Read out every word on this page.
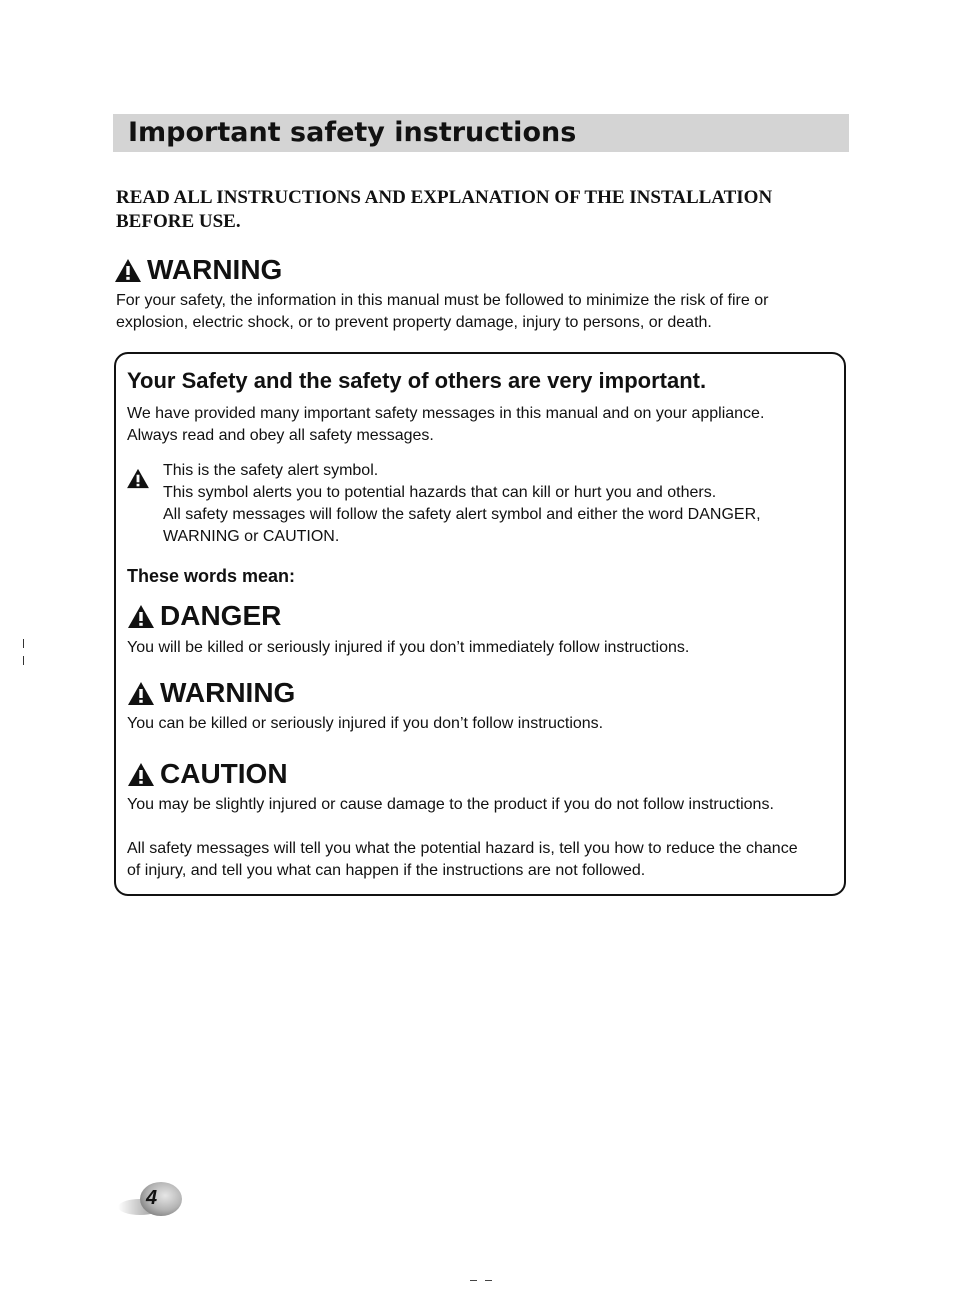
Important safety instructions
READ ALL INSTRUCTIONS AND EXPLANATION OF THE INSTALLATION
BEFORE USE.
WARNING
For your safety, the information in this manual must be followed to minimize the risk of fire or
explosion, electric shock, or to prevent property damage, injury to persons, or death.
Your Safety and the safety of others are very important.
We have provided many important safety messages in this manual and on your appliance.
Always read and obey all safety messages.
This is the safety alert symbol.
This symbol alerts you to potential hazards that can kill or hurt you and others.
All safety messages will follow the safety alert symbol and either the word DANGER,
WARNING or CAUTION.
These words mean:
DANGER
You will be killed or seriously injured if you don’t immediately follow instructions.
WARNING
You can be killed or seriously injured if you don’t follow instructions.
CAUTION
You may be slightly injured or cause damage to the product if you do not follow instructions.
All safety messages will tell you what the potential hazard is, tell you how to reduce the chance
of injury, and tell you what can happen if the instructions are not followed.
4
